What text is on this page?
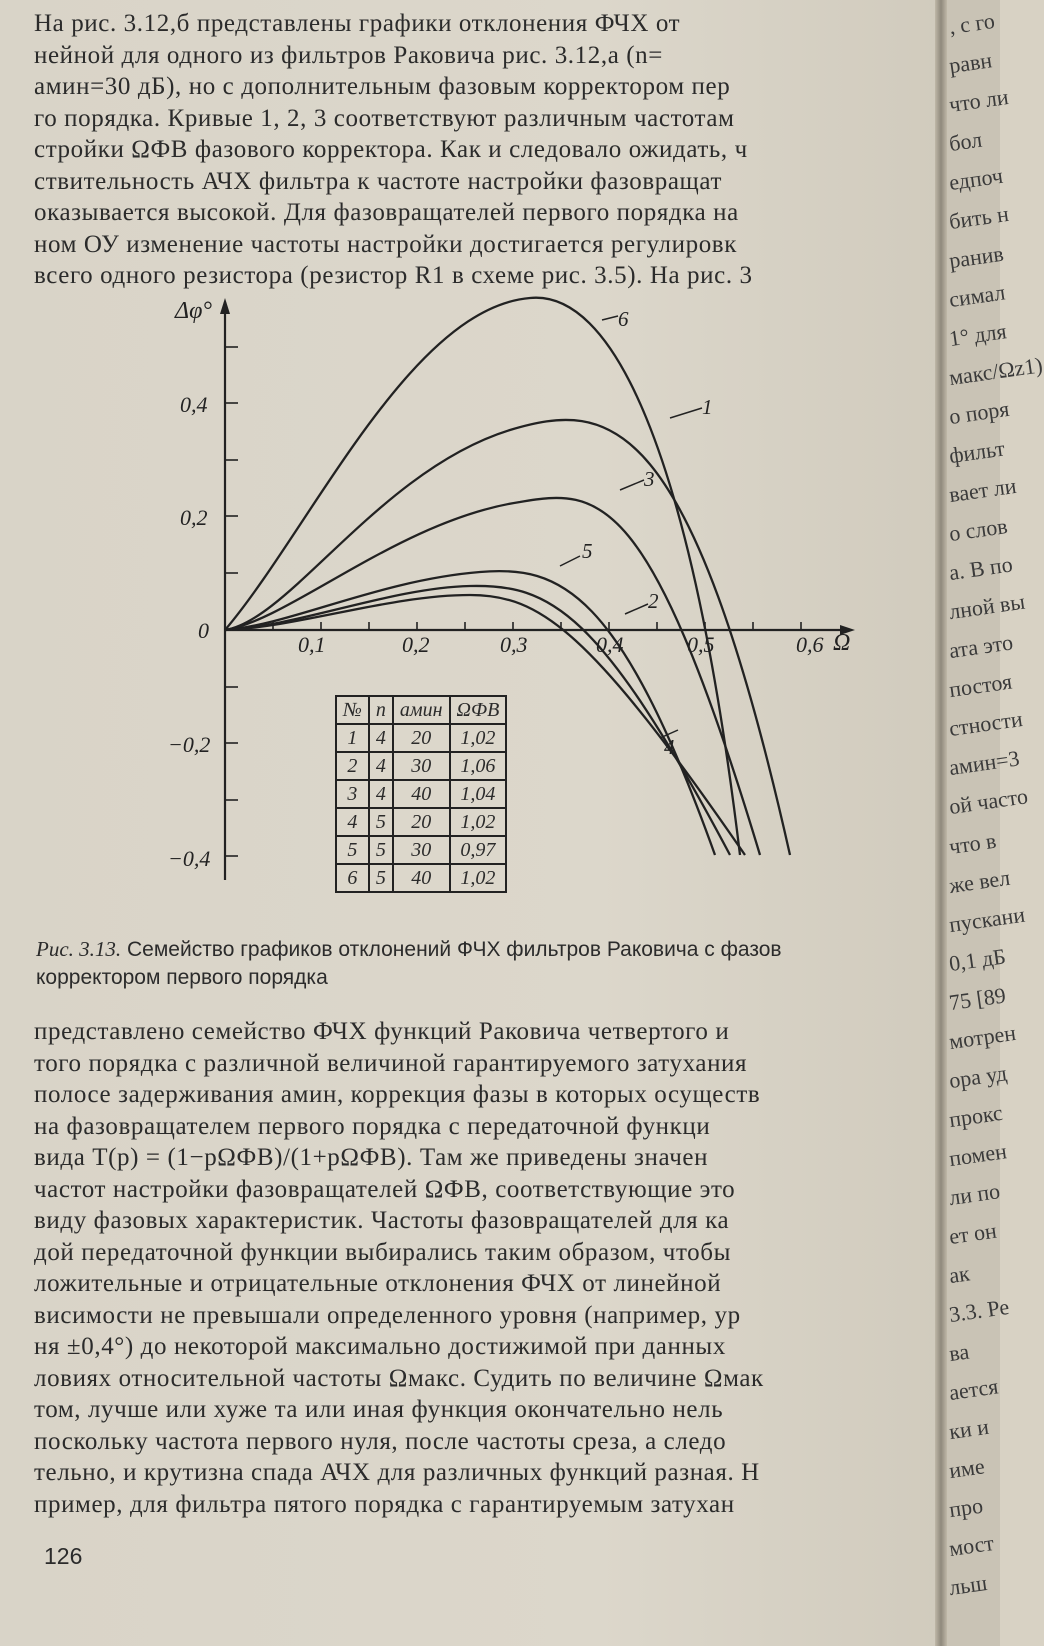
На рис. 3.12,б представлены графики отклонения ФЧХ от
нейной для одного из фильтров Раковича рис. 3.12,а (n=
aмин=30 дБ), но с дополнительным фазовым корректором пер
го порядка. Кривые 1, 2, 3 соответствуют различным частотам
стройки ΩФВ фазового корректора. Как и следовало ожидать, ч
ствительность АЧХ фильтра к частоте настройки фазовращат
оказывается высокой. Для фазовращателей первого порядка на
ном ОУ изменение частоты настройки достигается регулировк
всего одного резистора (резистор R1 в схеме рис. 3.5). На рис. 3
Δφ°
Ω
0,4
0,2
0
−0,2
−0,4
0,1	0,2	0,3	0,4	0,5	0,6
6
1
3
5
2
4
№	n	aмин	ΩФВ
1	4	20	1,02
2	4	30	1,06
3	4	40	1,04
4	5	20	1,02
5	5	30	0,97
6	5	40	1,02
Рис. 3.13. Семейство графиков отклонений ФЧХ фильтров Раковича с фазов
корректором первого порядка
представлено семейство ФЧХ функций Раковича четвертого и
того порядка с различной величиной гарантируемого затухания
полосе задерживания aмин, коррекция фазы в которых осуществ
на фазовращателем первого порядка с передаточной функци
вида T(p) = (1−pΩФВ)/(1+pΩФВ). Там же приведены значен
частот настройки фазовращателей ΩФВ, соответствующие это
виду фазовых характеристик. Частоты фазовращателей для ка
дой передаточной функции выбирались таким образом, чтобы
ложительные и отрицательные отклонения ФЧХ от линейной
висимости не превышали определенного уровня (например, ур
ня ±0,4°) до некоторой максимально достижимой при данных
ловиях относительной частоты Ωмакс. Судить по величине Ωмак
том, лучше или хуже та или иная функция окончательно нель
поскольку частота первого нуля, после частоты среза, а следо
тельно, и крутизна спада АЧХ для различных функций разная. Н
пример, для фильтра пятого порядка с гарантируемым затухан
126
, с го
равн
что ли
бол
едпоч
бить н
ранив
симал
1° для
макс/Ωz1)
о поря
фильт
вает ли
о слов
а. В по
лной вы
ата это
постоя
стности
aмин=3
ой часто
что в
же вел
пускани
0,1 дБ
75 [89
мотрен
ора уд
прокс
помен
ли по
ет он
ак
3.3. Ре
ва
ается
ки и
име
про
мост
льш
